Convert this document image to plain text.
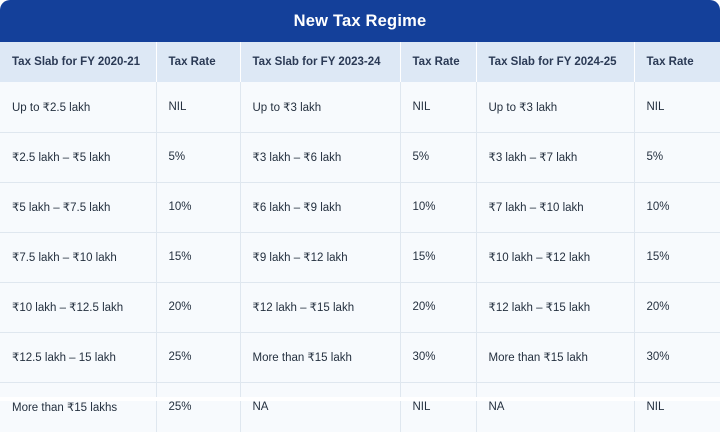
New Tax Regime
Tax Slab for FY 2020-21	Tax Rate	Tax Slab for FY 2023-24	Tax Rate	Tax Slab for FY 2024-25	Tax Rate
Up to ₹2.5 lakh	NIL	Up to ₹3 lakh	NIL	Up to ₹3 lakh	NIL
₹2.5 lakh – ₹5 lakh	5%	₹3 lakh – ₹6 lakh	5%	₹3 lakh – ₹7 lakh	5%
₹5 lakh – ₹7.5 lakh	10%	₹6 lakh – ₹9 lakh	10%	₹7 lakh – ₹10 lakh	10%
₹7.5 lakh – ₹10 lakh	15%	₹9 lakh – ₹12 lakh	15%	₹10 lakh – ₹12 lakh	15%
₹10 lakh – ₹12.5 lakh	20%	₹12 lakh – ₹15 lakh	20%	₹12 lakh – ₹15 lakh	20%
₹12.5 lakh – 15 lakh	25%	More than ₹15 lakh	30%	More than ₹15 lakh	30%
More than ₹15 lakhs	25%	NA	NIL	NA	NIL
